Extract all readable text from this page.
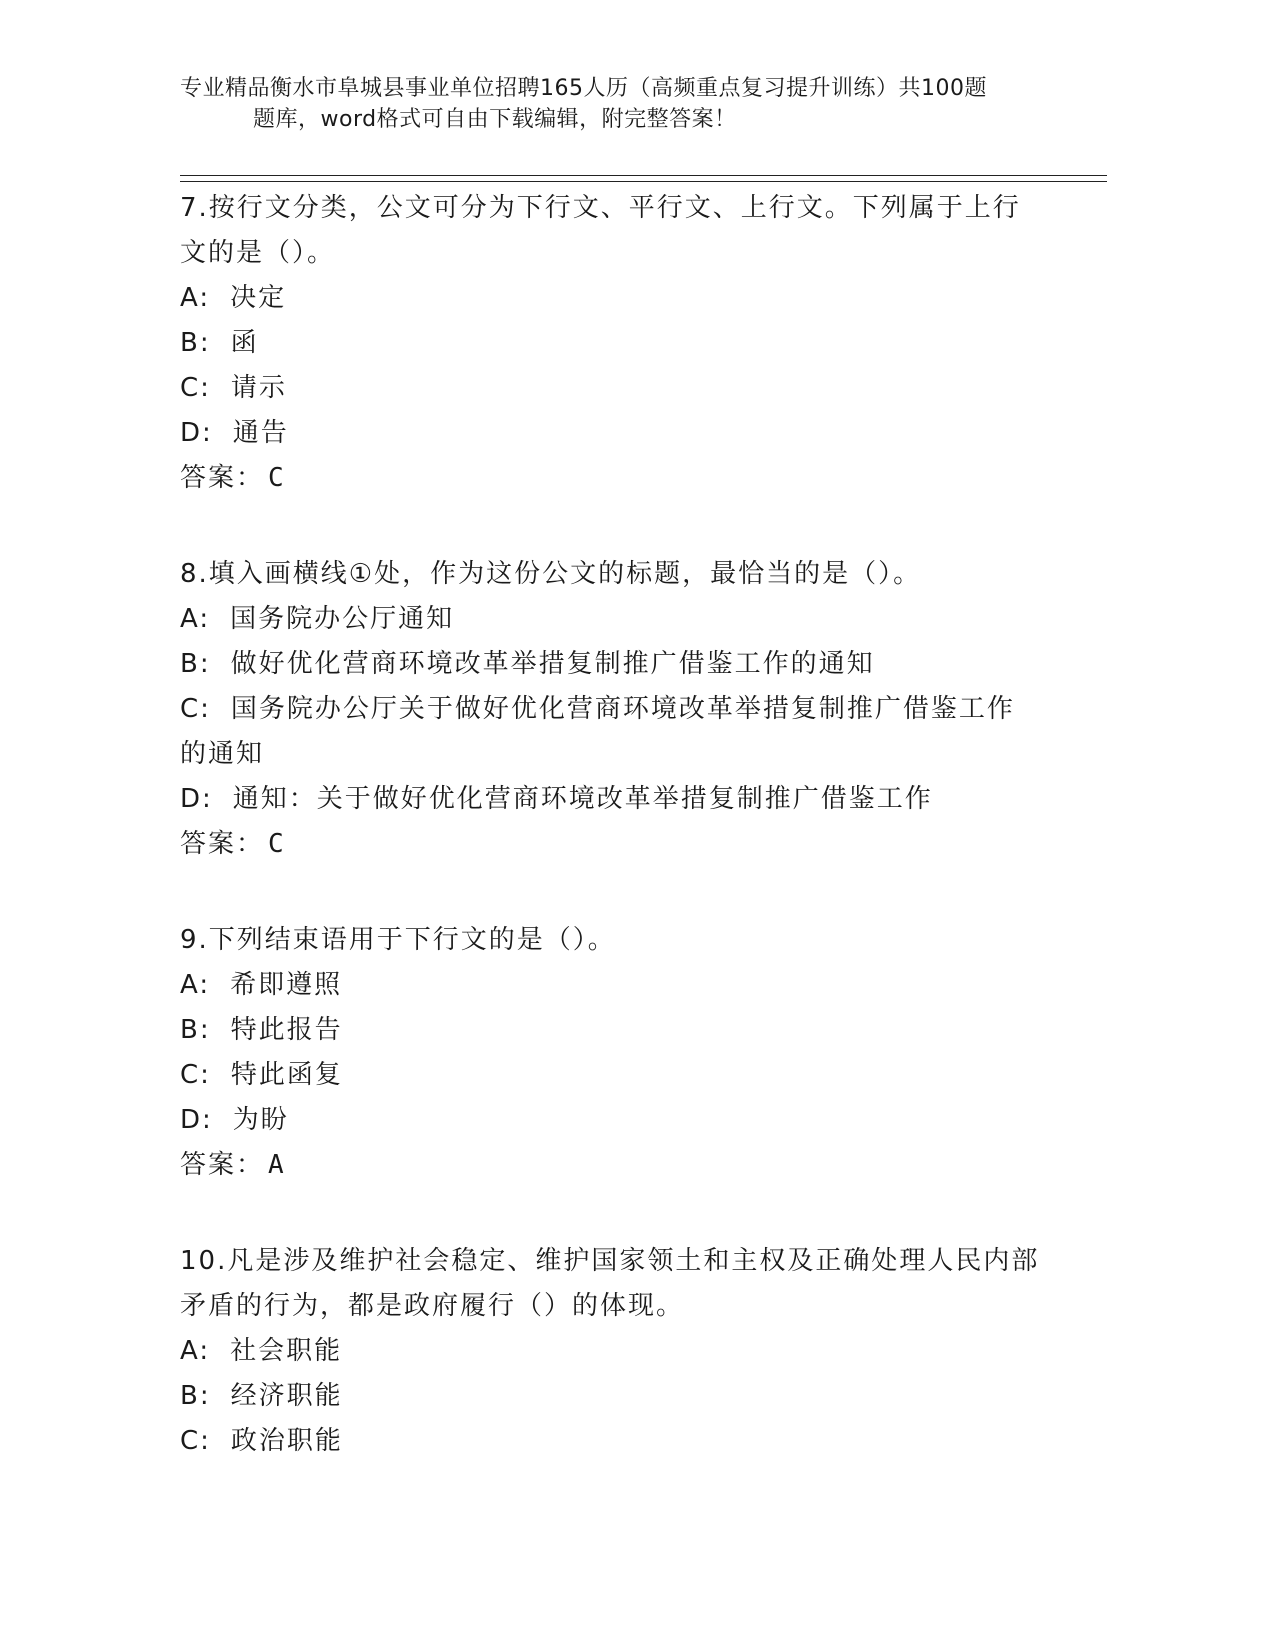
专业精品衡水市阜城县事业单位招聘165人历（高频重点复习提升训练）共100题
题库，word格式可自由下载编辑，附完整答案！

7.按行文分类，公文可分为下行文、平行文、上行文。下列属于上行文的是（）。

A: 决定

B: 函

C: 请示

D: 通告

答案： C

8.填入画横线①处，作为这份公文的标题，最恰当的是（）。

A: 国务院办公厅通知

B: 做好优化营商环境改革举措复制推广借鉴工作的通知

C: 国务院办公厅关于做好优化营商环境改革举措复制推广借鉴工作的通知

D: 通知：关于做好优化营商环境改革举措复制推广借鉴工作

答案： C

9.下列结束语用于下行文的是（）。

A: 希即遵照

B: 特此报告

C: 特此函复

D: 为盼

答案： A

10.凡是涉及维护社会稳定、维护国家领土和主权及正确处理人民内部矛盾的行为，都是政府履行（）的体现。

A: 社会职能

B: 经济职能

C: 政治职能
